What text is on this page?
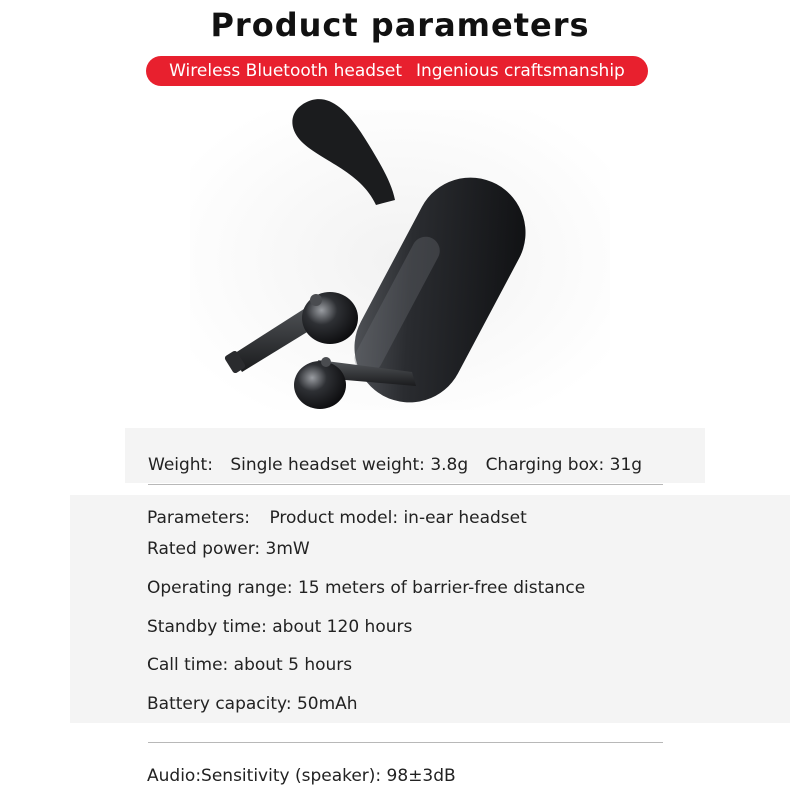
Product parameters
Wireless Bluetooth headset Ingenious craftsmanship
Weight: Single headset weight: 3.8g Charging box: 31g
Parameters: Product model: in-ear headset
Rated power: 3mW
Operating range: 15 meters of barrier-free distance
Standby time: about 120 hours
Call time: about 5 hours
Battery capacity: 50mAh
Audio:Sensitivity (speaker): 98±3dB
